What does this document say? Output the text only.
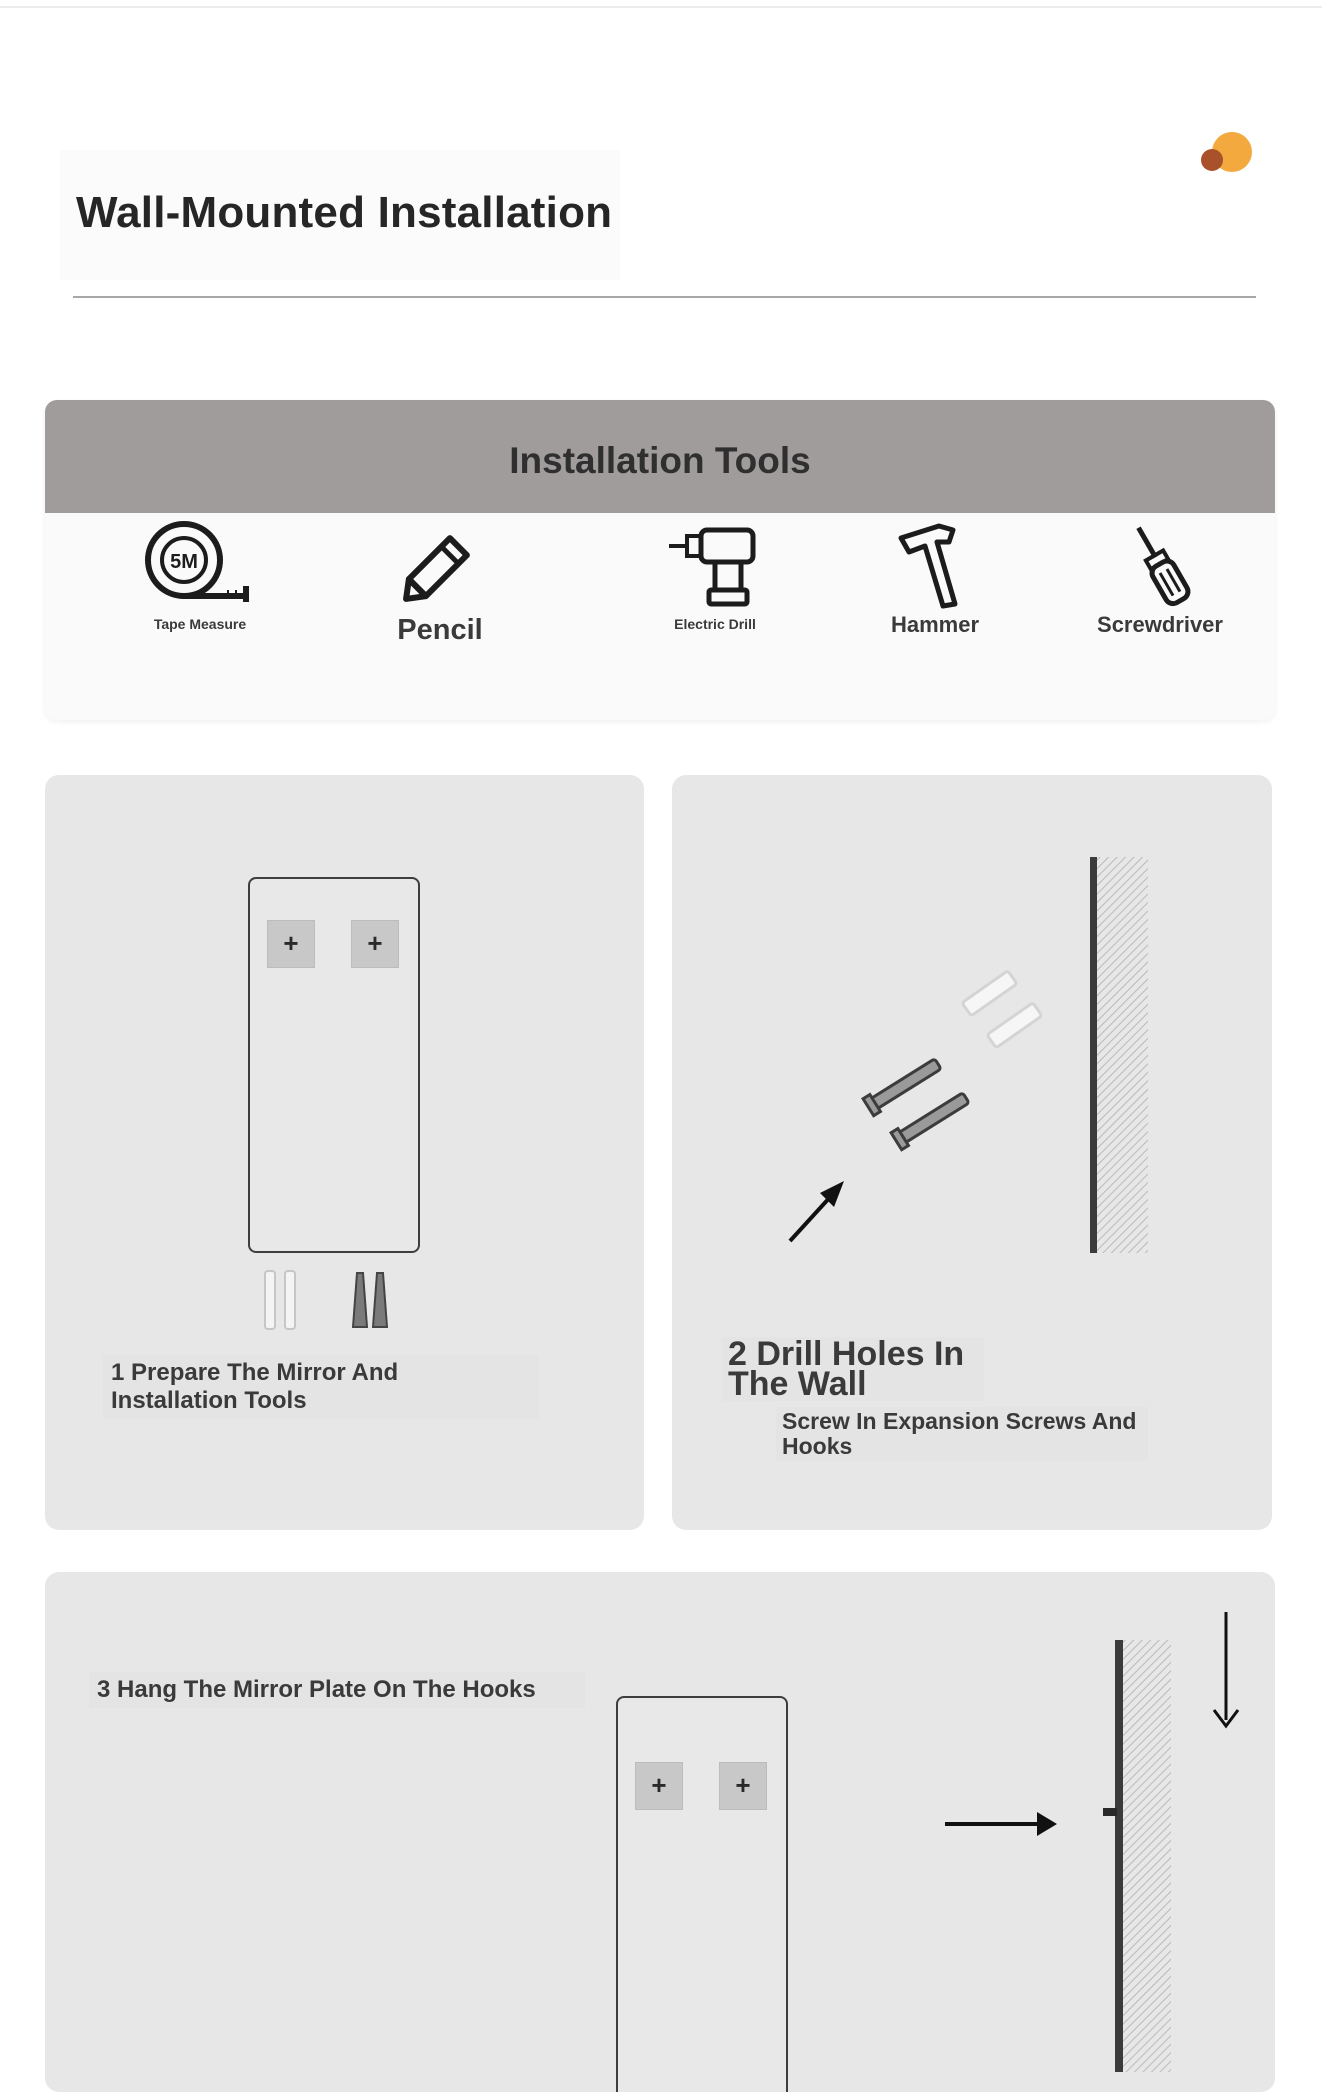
Wall-Mounted Installation
Installation Tools
5M
Tape Measure	Pencil	Electric Drill	Hammer	Screwdriver
+	+
1 Prepare The Mirror And Installation Tools
2 Drill Holes In The Wall
Screw In Expansion Screws And Hooks
3 Hang The Mirror Plate On The Hooks
+	+
